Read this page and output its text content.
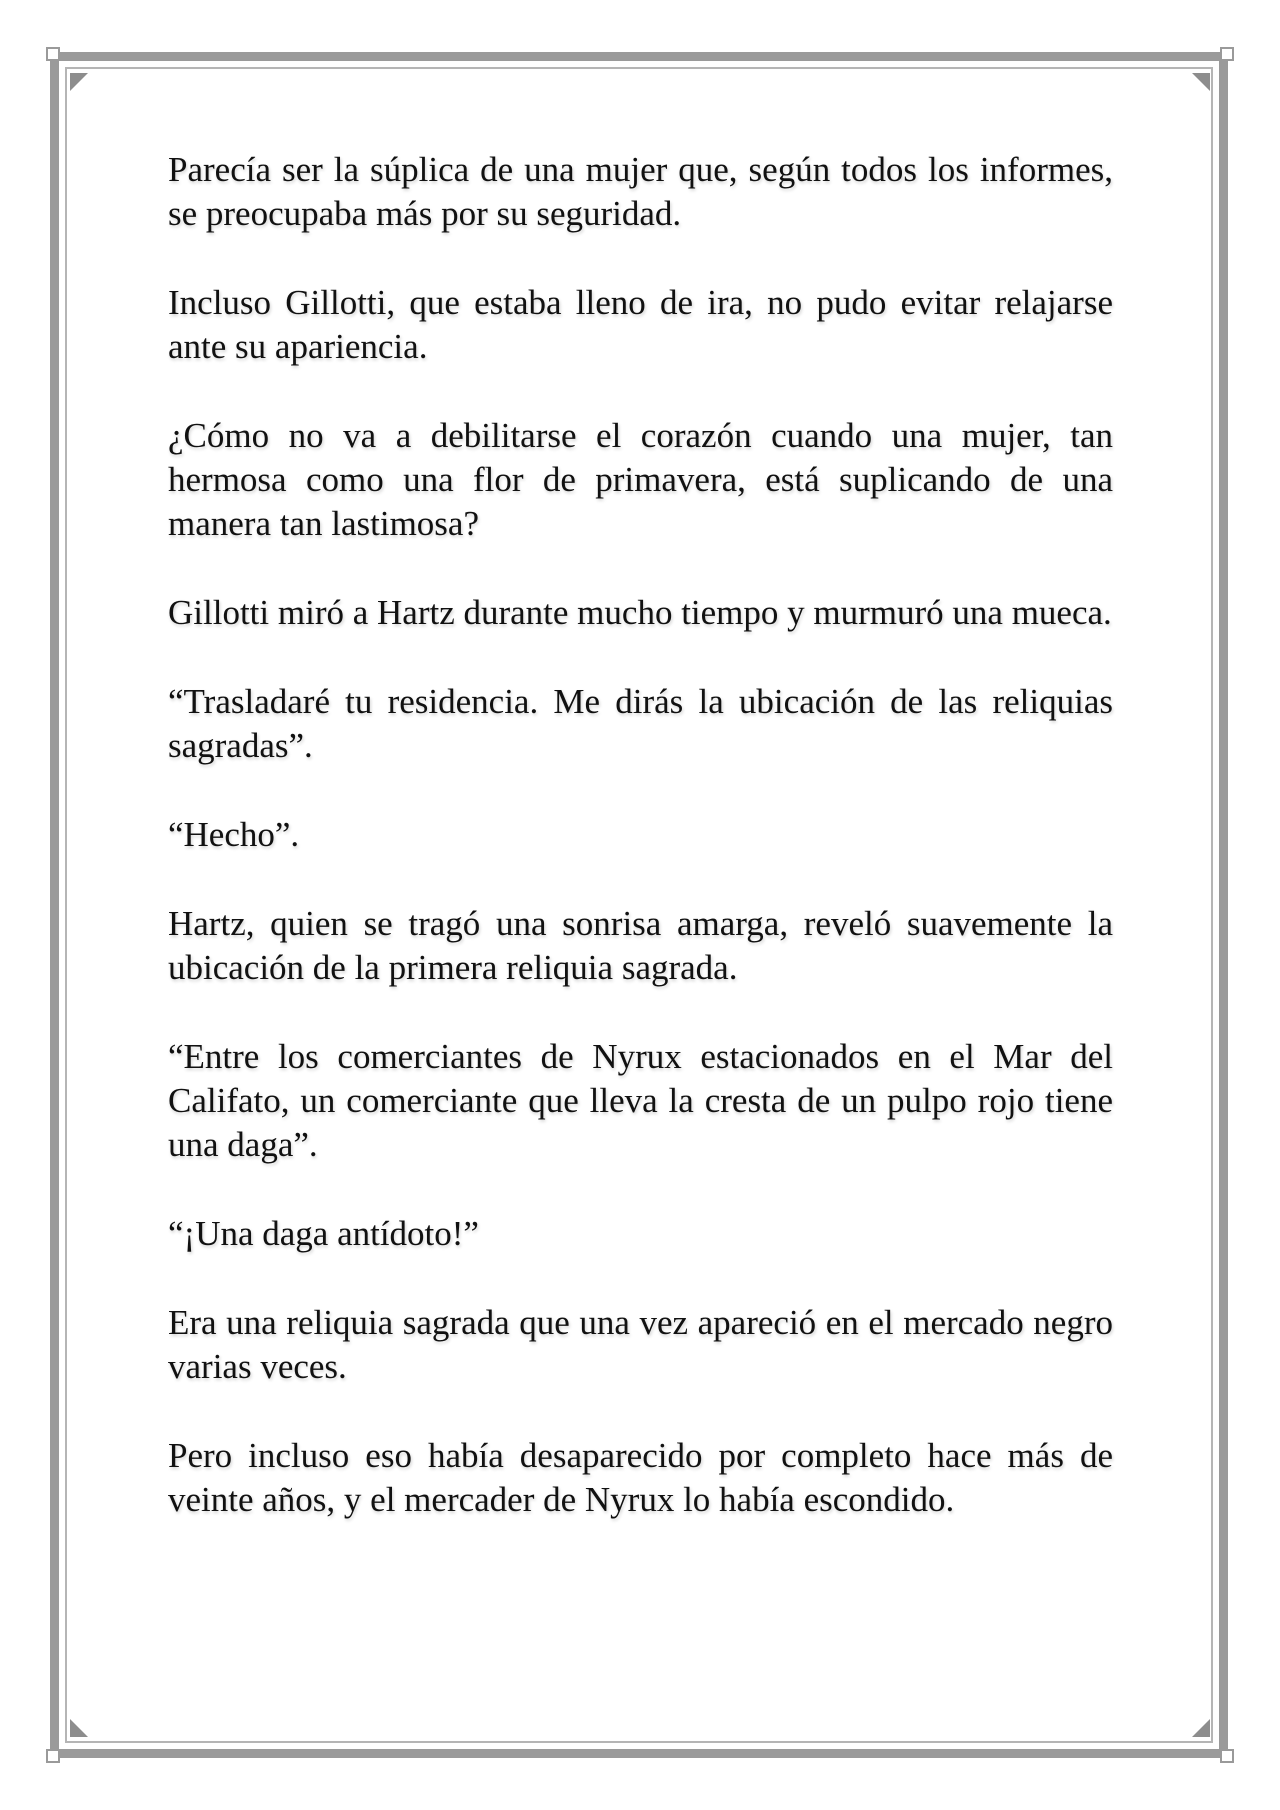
Parecía ser la súplica de una mujer que, según todos los informes, se preocupaba más por su seguridad.

Incluso Gillotti, que estaba lleno de ira, no pudo evitar relajarse ante su apariencia.

¿Cómo no va a debilitarse el corazón cuando una mujer, tan hermosa como una flor de primavera, está suplicando de una manera tan lastimosa?

Gillotti miró a Hartz durante mucho tiempo y murmuró una mueca.

“Trasladaré tu residencia. Me dirás la ubicación de las reliquias sagradas”.

“Hecho”.

Hartz, quien se tragó una sonrisa amarga, reveló suavemente la ubicación de la primera reliquia sagrada.

“Entre los comerciantes de Nyrux estacionados en el Mar del Califato, un comerciante que lleva la cresta de un pulpo rojo tiene una daga”.

“¡Una daga antídoto!”

Era una reliquia sagrada que una vez apareció en el mercado negro varias veces.

Pero incluso eso había desaparecido por completo hace más de veinte años, y el mercader de Nyrux lo había escondido.
